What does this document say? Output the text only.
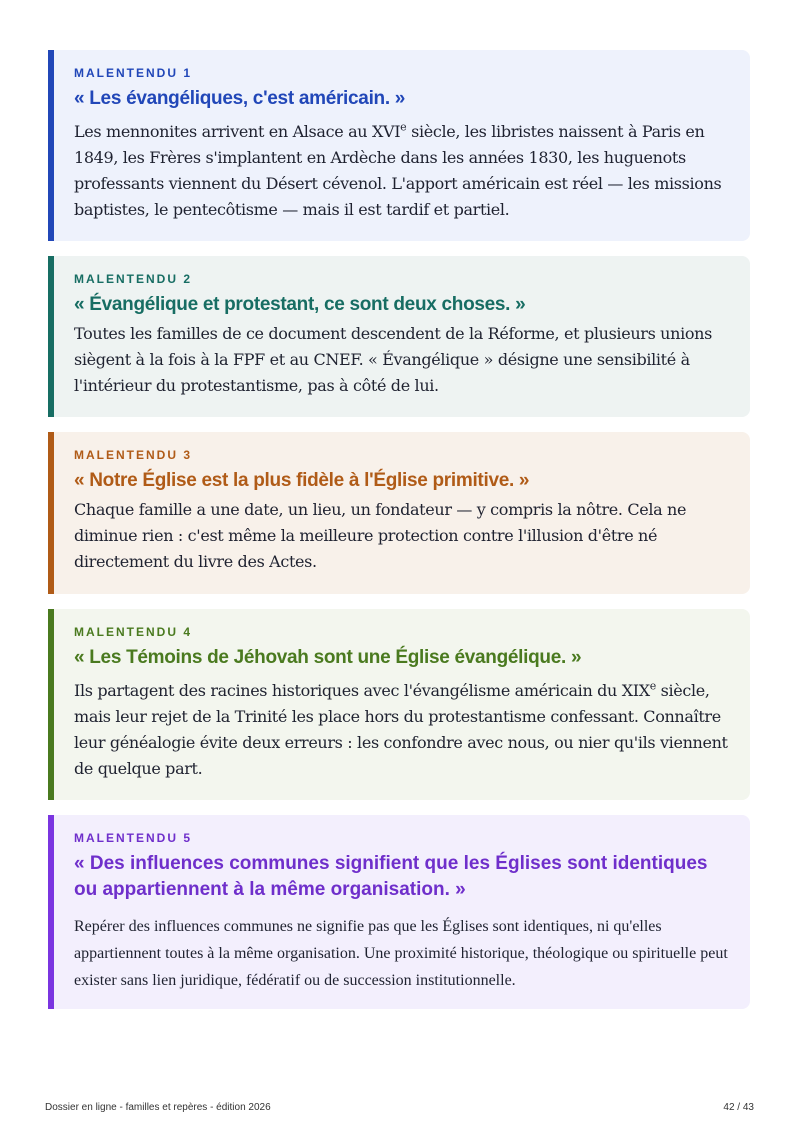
MALENTENDU 1
« Les évangéliques, c'est américain. »
Les mennonites arrivent en Alsace au XVIe siècle, les libristes naissent à Paris en 1849, les Frères s'implantent en Ardèche dans les années 1830, les huguenots professants viennent du Désert cévenol. L'apport américain est réel — les missions baptistes, le pentecôtisme — mais il est tardif et partiel.
MALENTENDU 2
« Évangélique et protestant, ce sont deux choses. »
Toutes les familles de ce document descendent de la Réforme, et plusieurs unions siègent à la fois à la FPF et au CNEF. « Évangélique » désigne une sensibilité à l'intérieur du protestantisme, pas à côté de lui.
MALENTENDU 3
« Notre Église est la plus fidèle à l'Église primitive. »
Chaque famille a une date, un lieu, un fondateur — y compris la nôtre. Cela ne diminue rien : c'est même la meilleure protection contre l'illusion d'être né directement du livre des Actes.
MALENTENDU 4
« Les Témoins de Jéhovah sont une Église évangélique. »
Ils partagent des racines historiques avec l'évangélisme américain du XIXe siècle, mais leur rejet de la Trinité les place hors du protestantisme confessant. Connaître leur généalogie évite deux erreurs : les confondre avec nous, ou nier qu'ils viennent de quelque part.
MALENTENDU 5
« Des influences communes signifient que les Églises sont identiques ou appartiennent à la même organisation. »
Repérer des influences communes ne signifie pas que les Églises sont identiques, ni qu'elles appartiennent toutes à la même organisation. Une proximité historique, théologique ou spirituelle peut exister sans lien juridique, fédératif ou de succession institutionnelle.
Dossier en ligne - familles et repères - édition 2026	42 / 43
